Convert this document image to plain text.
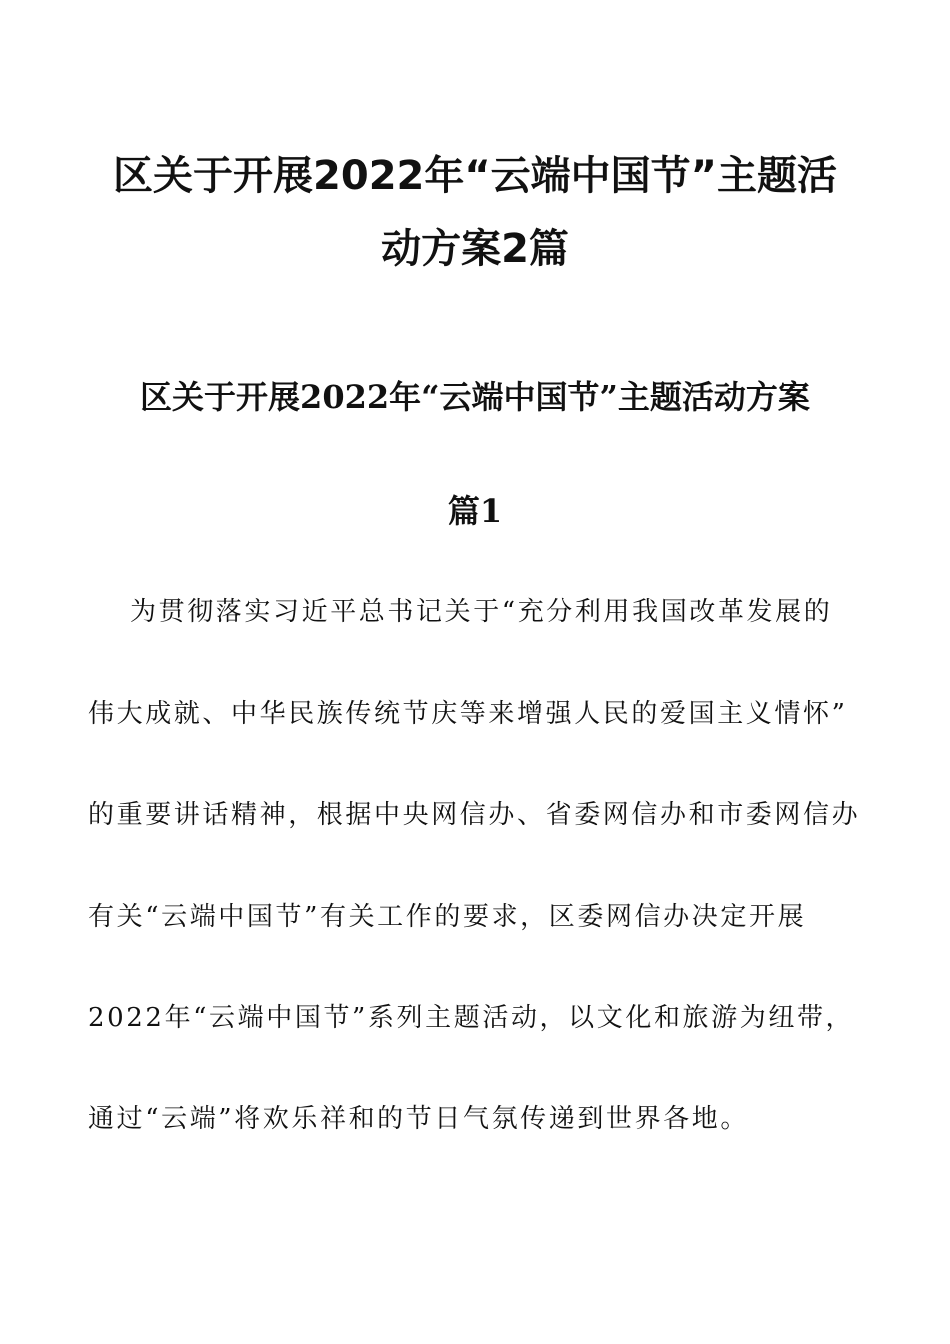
区关于开展2022年“云端中国节”主题活
动方案2篇
区关于开展2022年“云端中国节”主题活动方案
篇1

为贯彻落实习近平总书记关于“充分利用我国改革发展的

伟大成就、中华民族传统节庆等来增强人民的爱国主义情怀”

的重要讲话精神，根据中央网信办、省委网信办和市委网信办

有关“云端中国节”有关工作的要求，区委网信办决定开展

2022年“云端中国节”系列主题活动，以文化和旅游为纽带，

通过“云端”将欢乐祥和的节日气氛传递到世界各地。
